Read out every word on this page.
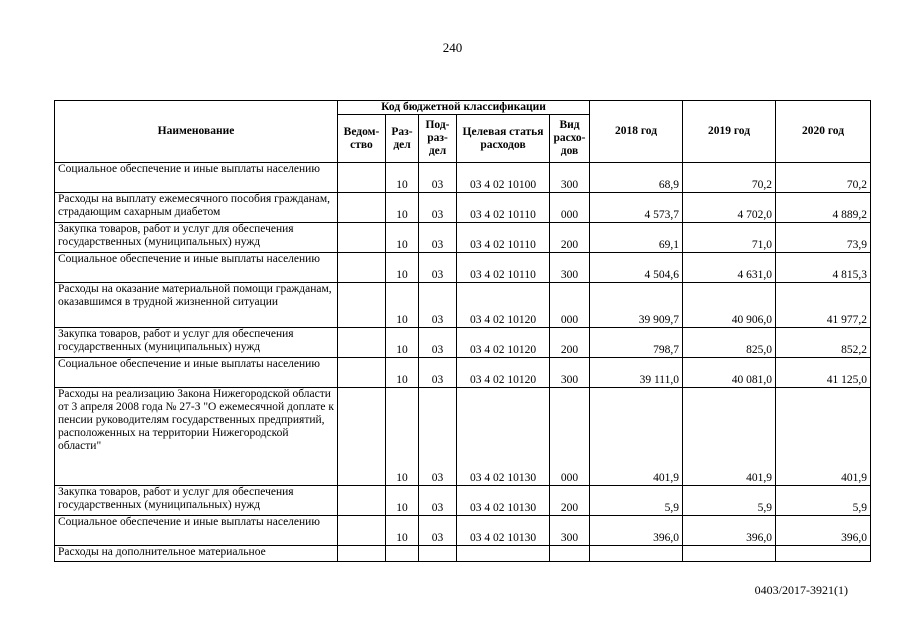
240
Наименование	Код бюджетной классификации					2018 год	2019 год	2020 год
	Ведом-ство	Раз-дел	Под-раз-дел	Целевая статья расходов	Вид расхо-дов			
Социальное обеспечение и иные выплаты населению		10	03	03 4 02 10100	300	68,9	70,2	70,2
Расходы на выплату ежемесячного пособия гражданам, страдающим сахарным диабетом		10	03	03 4 02 10110	000	4 573,7	4 702,0	4 889,2
Закупка товаров, работ и услуг для обеспечения государственных (муниципальных) нужд		10	03	03 4 02 10110	200	69,1	71,0	73,9
Социальное обеспечение и иные выплаты населению		10	03	03 4 02 10110	300	4 504,6	4 631,0	4 815,3
Расходы на оказание материальной помощи гражданам, оказавшимся в трудной жизненной ситуации		10	03	03 4 02 10120	000	39 909,7	40 906,0	41 977,2
Закупка товаров, работ и услуг для обеспечения государственных (муниципальных) нужд		10	03	03 4 02 10120	200	798,7	825,0	852,2
Социальное обеспечение и иные выплаты населению		10	03	03 4 02 10120	300	39 111,0	40 081,0	41 125,0
Расходы на реализацию Закона Нижегородской области от 3 апреля 2008 года № 27-З "О ежемесячной доплате к пенсии руководителям государственных предприятий, расположенных на территории Нижегородской области"		10	03	03 4 02 10130	000	401,9	401,9	401,9
Закупка товаров, работ и услуг для обеспечения государственных (муниципальных) нужд		10	03	03 4 02 10130	200	5,9	5,9	5,9
Социальное обеспечение и иные выплаты населению		10	03	03 4 02 10130	300	396,0	396,0	396,0
Расходы на дополнительное материальное								
0403/2017-3921(1)
